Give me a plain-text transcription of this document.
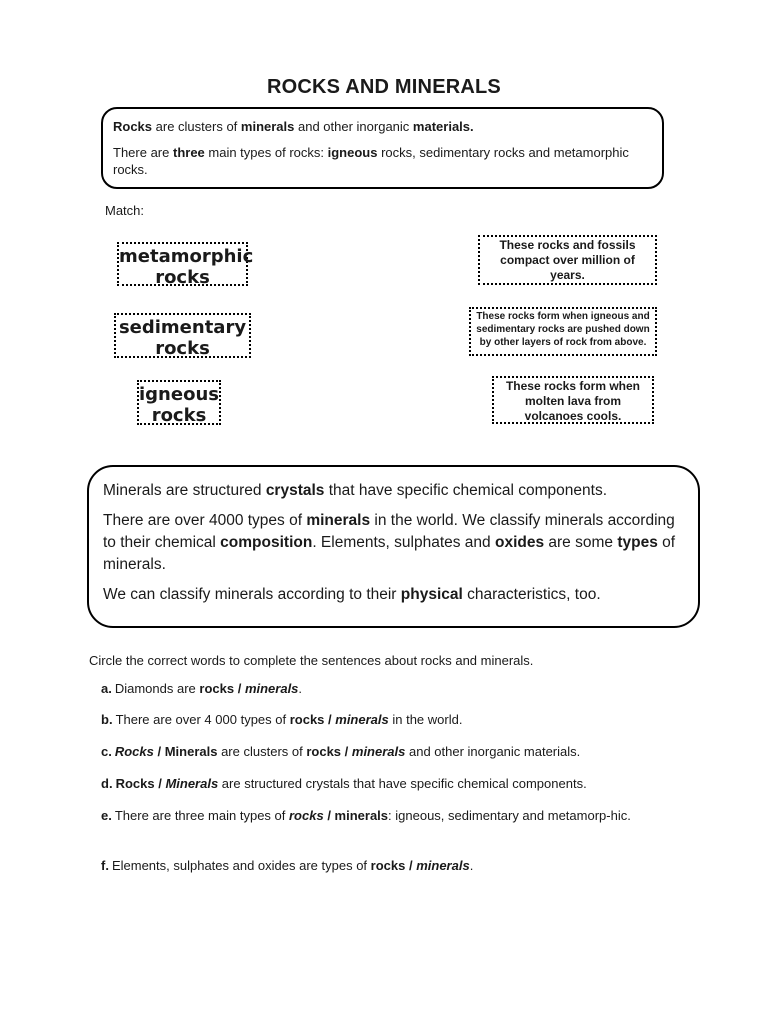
ROCKS AND MINERALS

Rocks are clusters of minerals and other inorganic materials.

There are three main types of rocks: igneous rocks, sedimentary rocks and metamorphic rocks.

Match:
metamorphic
rocks
sedimentary
rocks
igneous
rocks
These rocks and fossils compact over million of years.
These rocks form when igneous and sedimentary rocks are pushed down by other layers of rock from above.
These rocks form when molten lava from volcanoes cools.

Minerals are structured crystals that have specific chemical components.

There are over 4000 types of minerals in the world. We classify minerals according to their chemical composition. Elements, sulphates and oxides are some types of minerals.

We can classify minerals according to their physical characteristics, too.

Circle the correct words to complete the sentences about rocks and minerals.
a. Diamonds are rocks / minerals.
b. There are over 4 000 types of rocks / minerals in the world.
c. Rocks / Minerals are clusters of rocks / minerals and other inorganic materials.
d. Rocks / Minerals are structured crystals that have specific chemical components.
e. There are three main types of rocks / minerals: igneous, sedimentary and metamorp-hic.
f. Elements, sulphates and oxides are types of rocks / minerals.
